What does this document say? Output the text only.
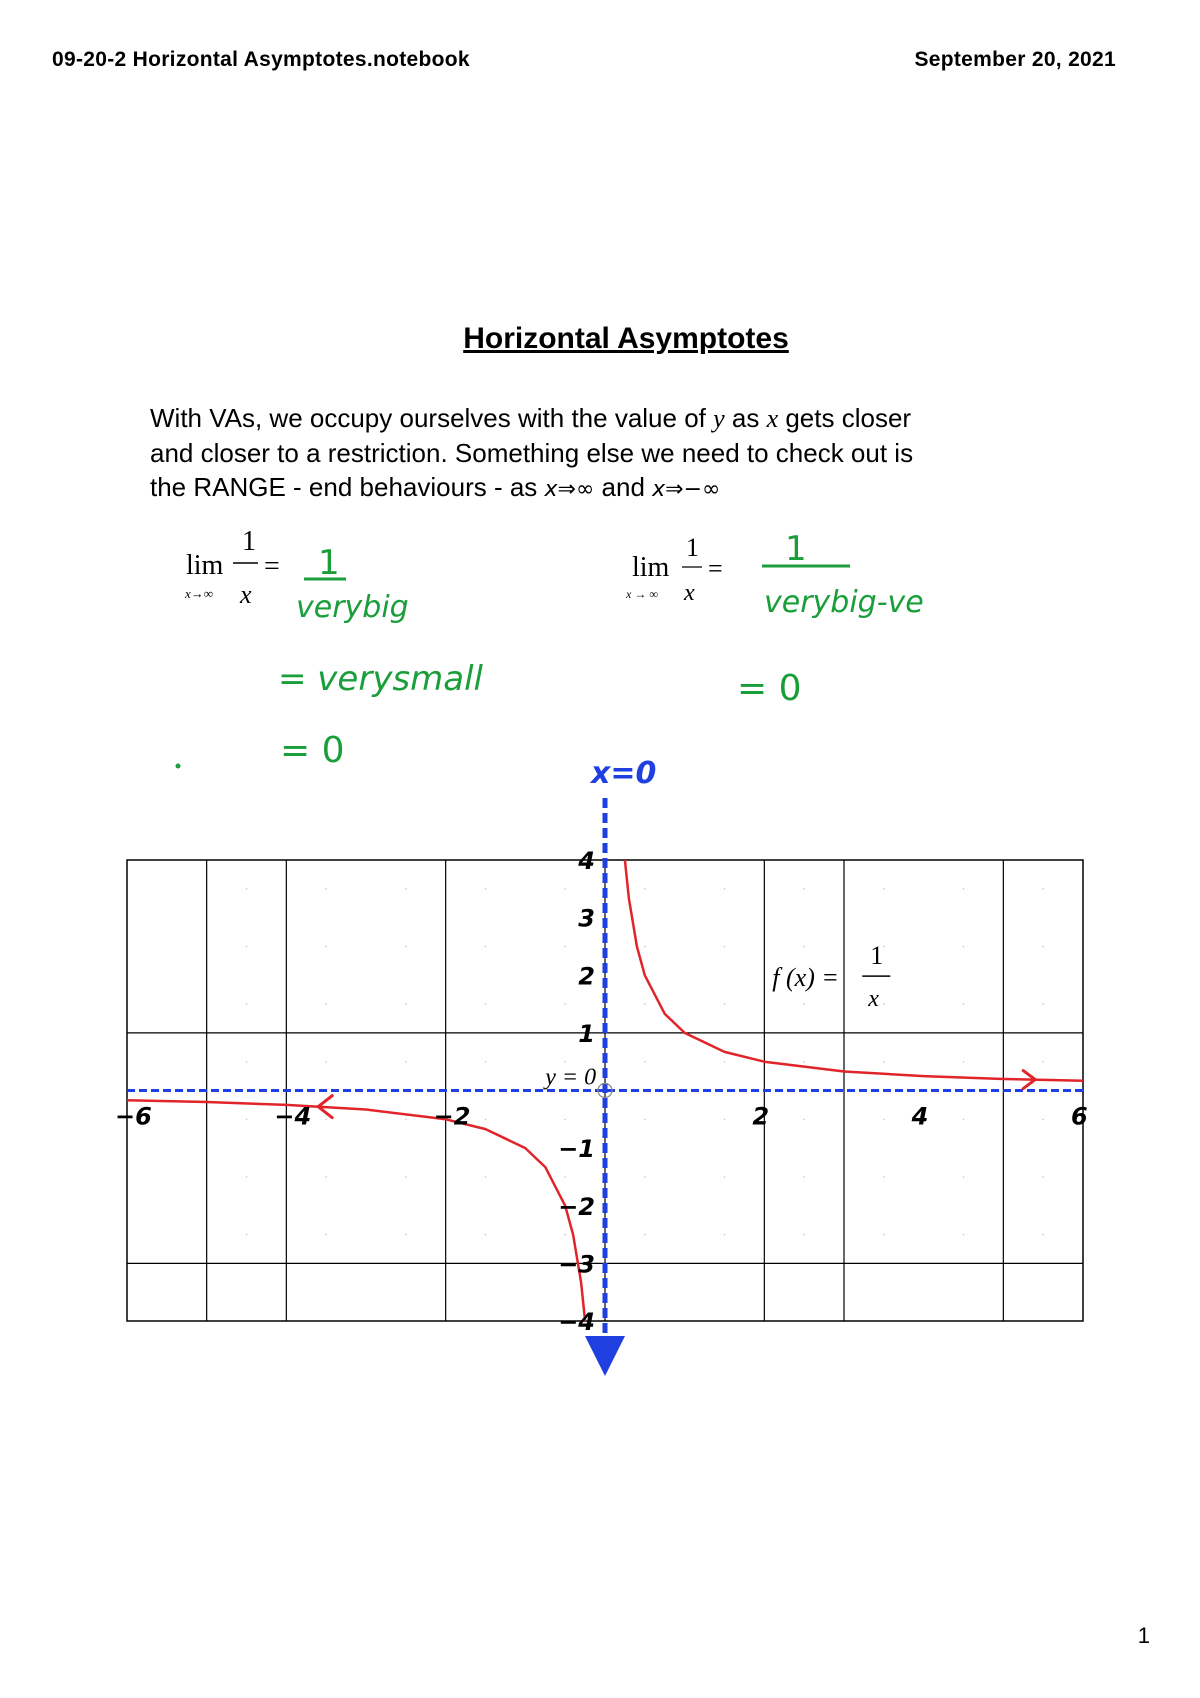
09-20-2 Horizontal Asymptotes.notebook	September 20, 2021
Horizontal Asymptotes
With VAs, we occupy ourselves with the value of y as x gets closer
and closer to a restriction. Something else we need to check out is
the RANGE - end behaviours - as x⇒∞ and x⇒−∞
lim
1
x
=
x→∞
lim
1
x
=
x → ∞
1
verybig
= verysmall
= 0
1
verybig-ve
= 0
x=0
−6	−4	−2	2	4	6
4
3
2
1
−1
−2
−3
−4
y = 0
f (x) =
1
x
1
